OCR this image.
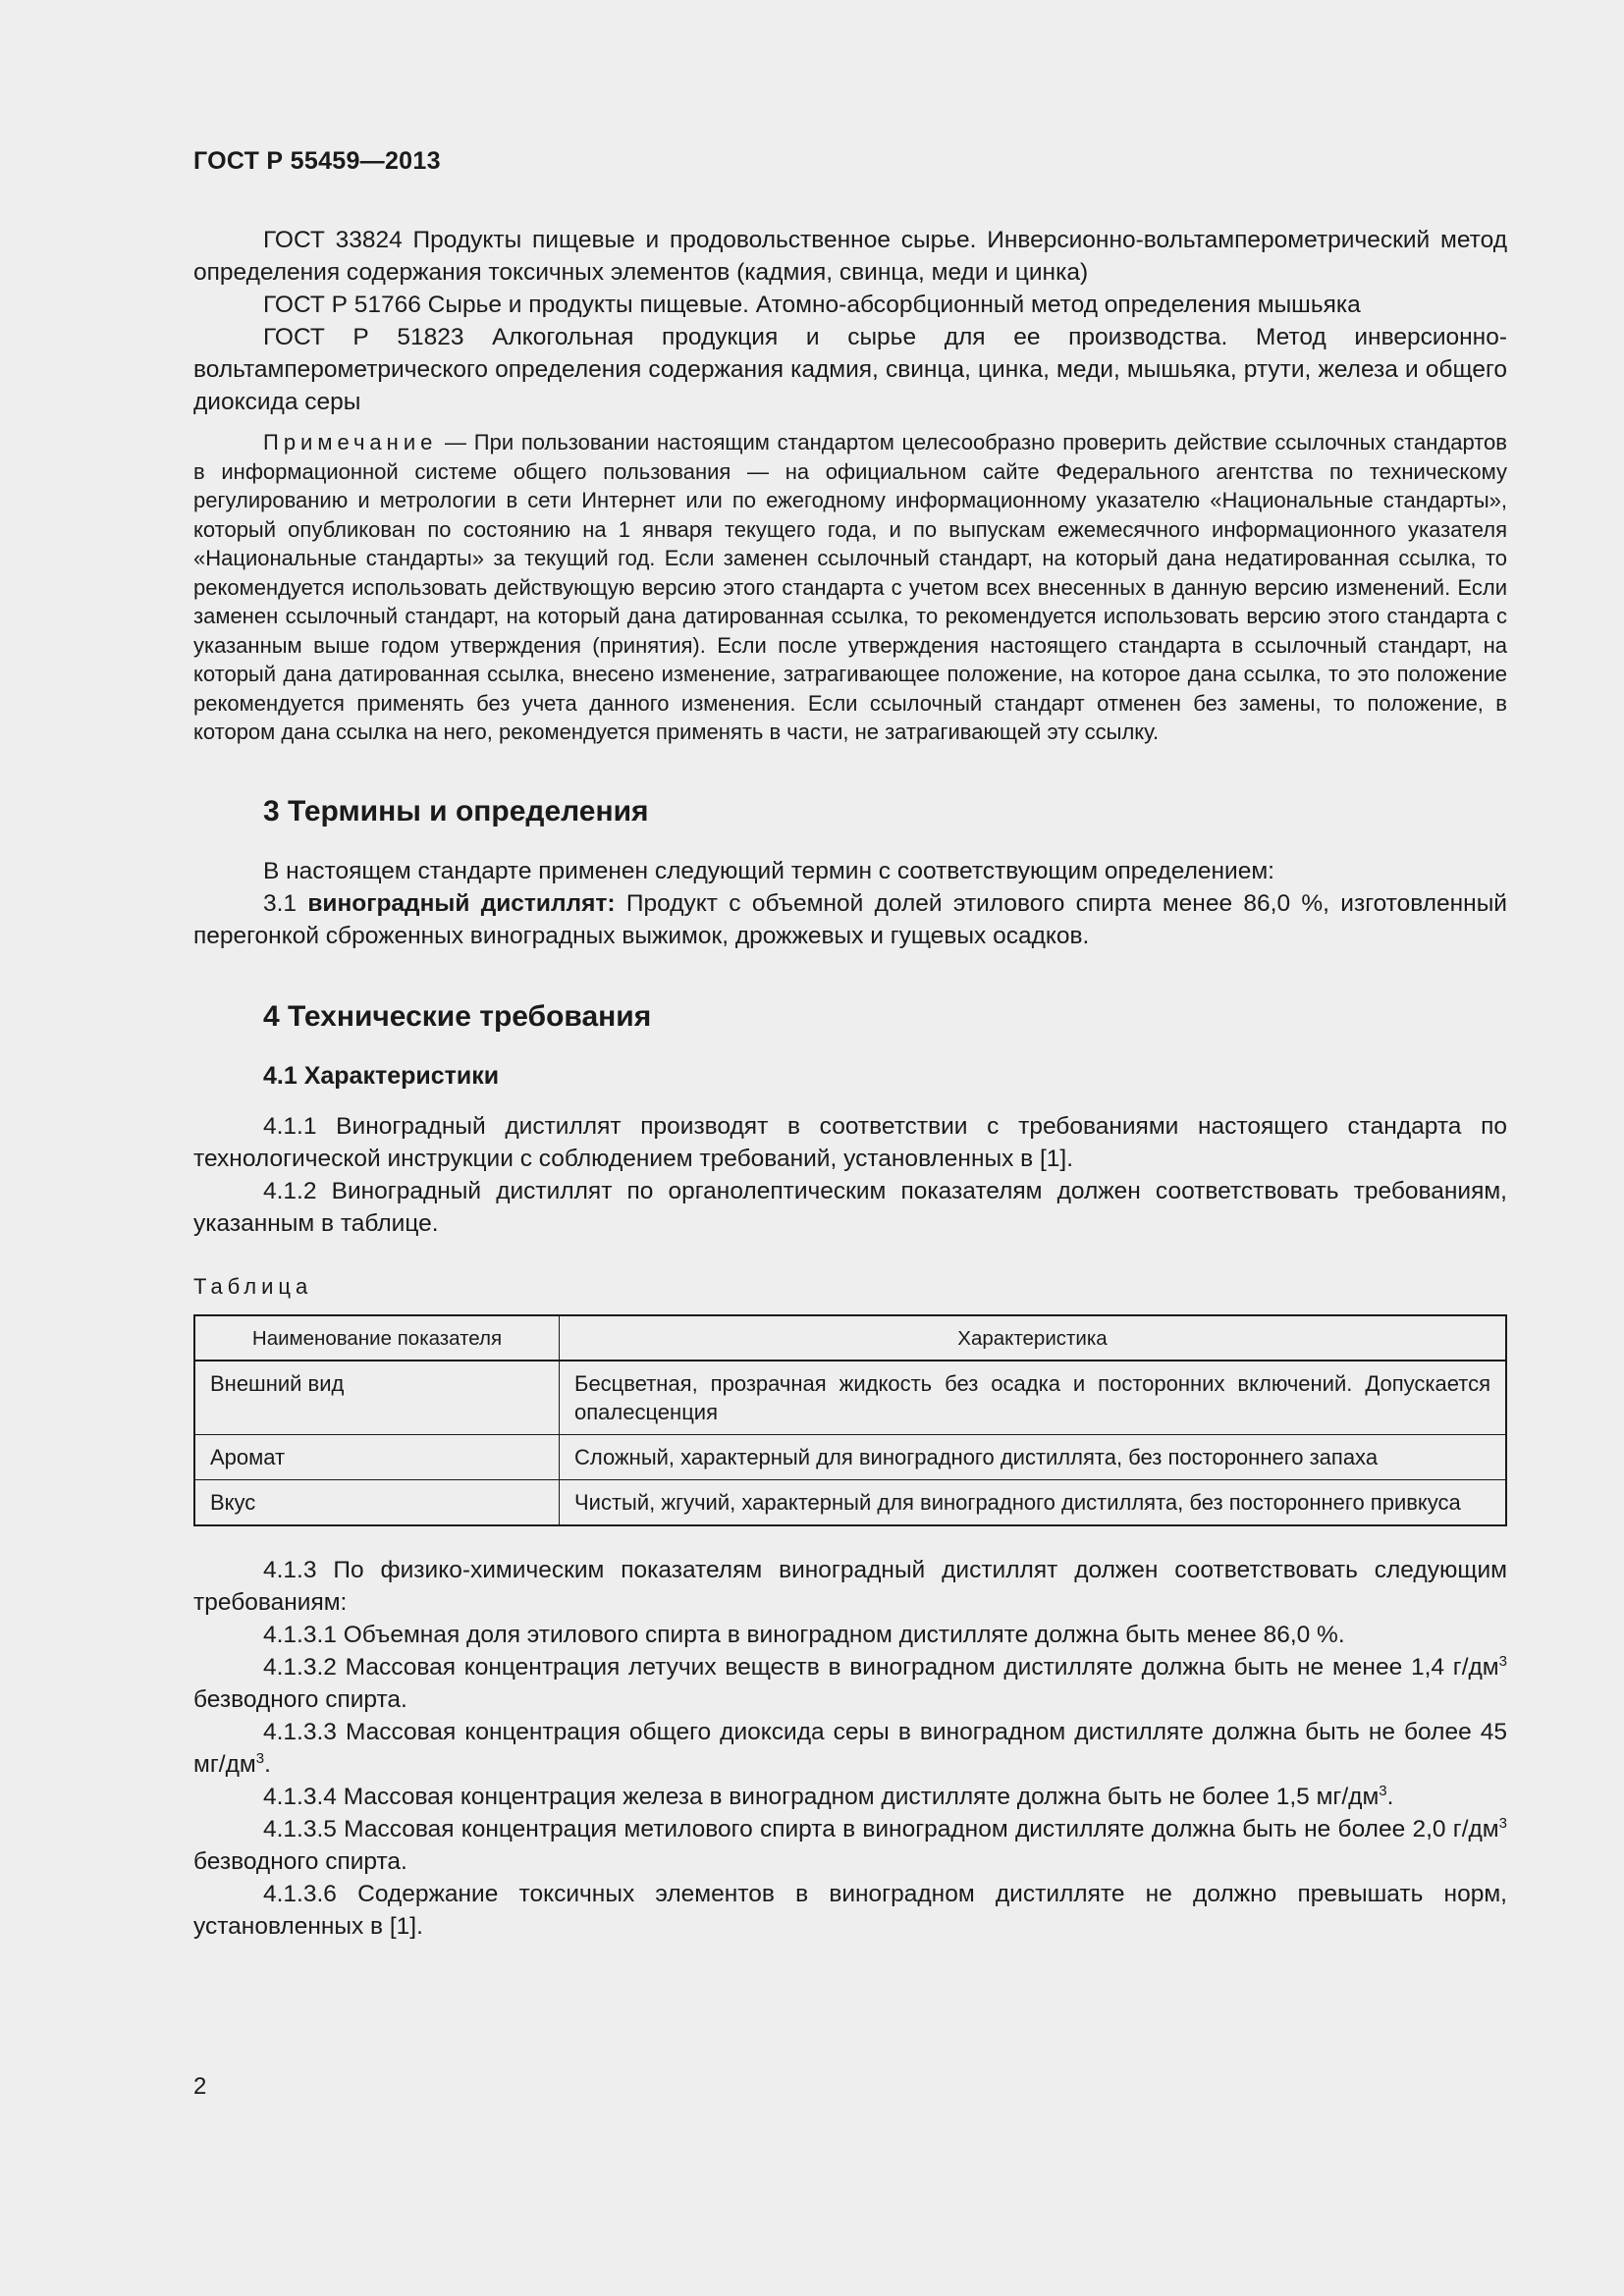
ГОСТ Р 55459—2013

ГОСТ 33824 Продукты пищевые и продовольственное сырье. Инверсионно-вольтамперометрический метод определения содержания токсичных элементов (кадмия, свинца, меди и цинка)

ГОСТ Р 51766 Сырье и продукты пищевые. Атомно-абсорбционный метод определения мышьяка

ГОСТ Р 51823 Алкогольная продукция и сырье для ее производства. Метод инверсионно-вольтамперометрического определения содержания кадмия, свинца, цинка, меди, мышьяка, ртути, железа и общего диоксида серы

Примечание — При пользовании настоящим стандартом целесообразно проверить действие ссылочных стандартов в информационной системе общего пользования — на официальном сайте Федерального агентства по техническому регулированию и метрологии в сети Интернет или по ежегодному информационному указателю «Национальные стандарты», который опубликован по состоянию на 1 января текущего года, и по выпускам ежемесячного информационного указателя «Национальные стандарты» за текущий год. Если заменен ссылочный стандарт, на который дана недатированная ссылка, то рекомендуется использовать действующую версию этого стандарта с учетом всех внесенных в данную версию изменений. Если заменен ссылочный стандарт, на который дана датированная ссылка, то рекомендуется использовать версию этого стандарта с указанным выше годом утверждения (принятия). Если после утверждения настоящего стандарта в ссылочный стандарт, на который дана датированная ссылка, внесено изменение, затрагивающее положение, на которое дана ссылка, то это положение рекомендуется применять без учета данного изменения. Если ссылочный стандарт отменен без замены, то положение, в котором дана ссылка на него, рекомендуется применять в части, не затрагивающей эту ссылку.

3 Термины и определения

В настоящем стандарте применен следующий термин с соответствующим определением:

3.1 виноградный дистиллят: Продукт с объемной долей этилового спирта менее 86,0 %, изготовленный перегонкой сброженных виноградных выжимок, дрожжевых и гущевых осадков.

4 Технические требования
4.1 Характеристики

4.1.1 Виноградный дистиллят производят в соответствии с требованиями настоящего стандарта по технологической инструкции с соблюдением требований, установленных в [1].

4.1.2 Виноградный дистиллят по органолептическим показателям должен соответствовать требованиям, указанным в таблице.

Таблица
Наименование показателя	Характеристика
Внешний вид	Бесцветная, прозрачная жидкость без осадка и посторонних включений. Допускается опалесценция
Аромат	Сложный, характерный для виноградного дистиллята, без постороннего запаха
Вкус	Чистый, жгучий, характерный для виноградного дистиллята, без постороннего привкуса

4.1.3 По физико-химическим показателям виноградный дистиллят должен соответствовать следующим требованиям:

4.1.3.1 Объемная доля этилового спирта в виноградном дистилляте должна быть менее 86,0 %.

4.1.3.2 Массовая концентрация летучих веществ в виноградном дистилляте должна быть не менее 1,4 $г/дм^3$ безводного спирта.

4.1.3.3 Массовая концентрация общего диоксида серы в виноградном дистилляте должна быть не более 45 $мг/дм^3$.

4.1.3.4 Массовая концентрация железа в виноградном дистилляте должна быть не более 1,5 $мг/дм^3$.

4.1.3.5 Массовая концентрация метилового спирта в виноградном дистилляте должна быть не более 2,0 $г/дм^3$ безводного спирта.

4.1.3.6 Содержание токсичных элементов в виноградном дистилляте не должно превышать норм, установленных в [1].

2
